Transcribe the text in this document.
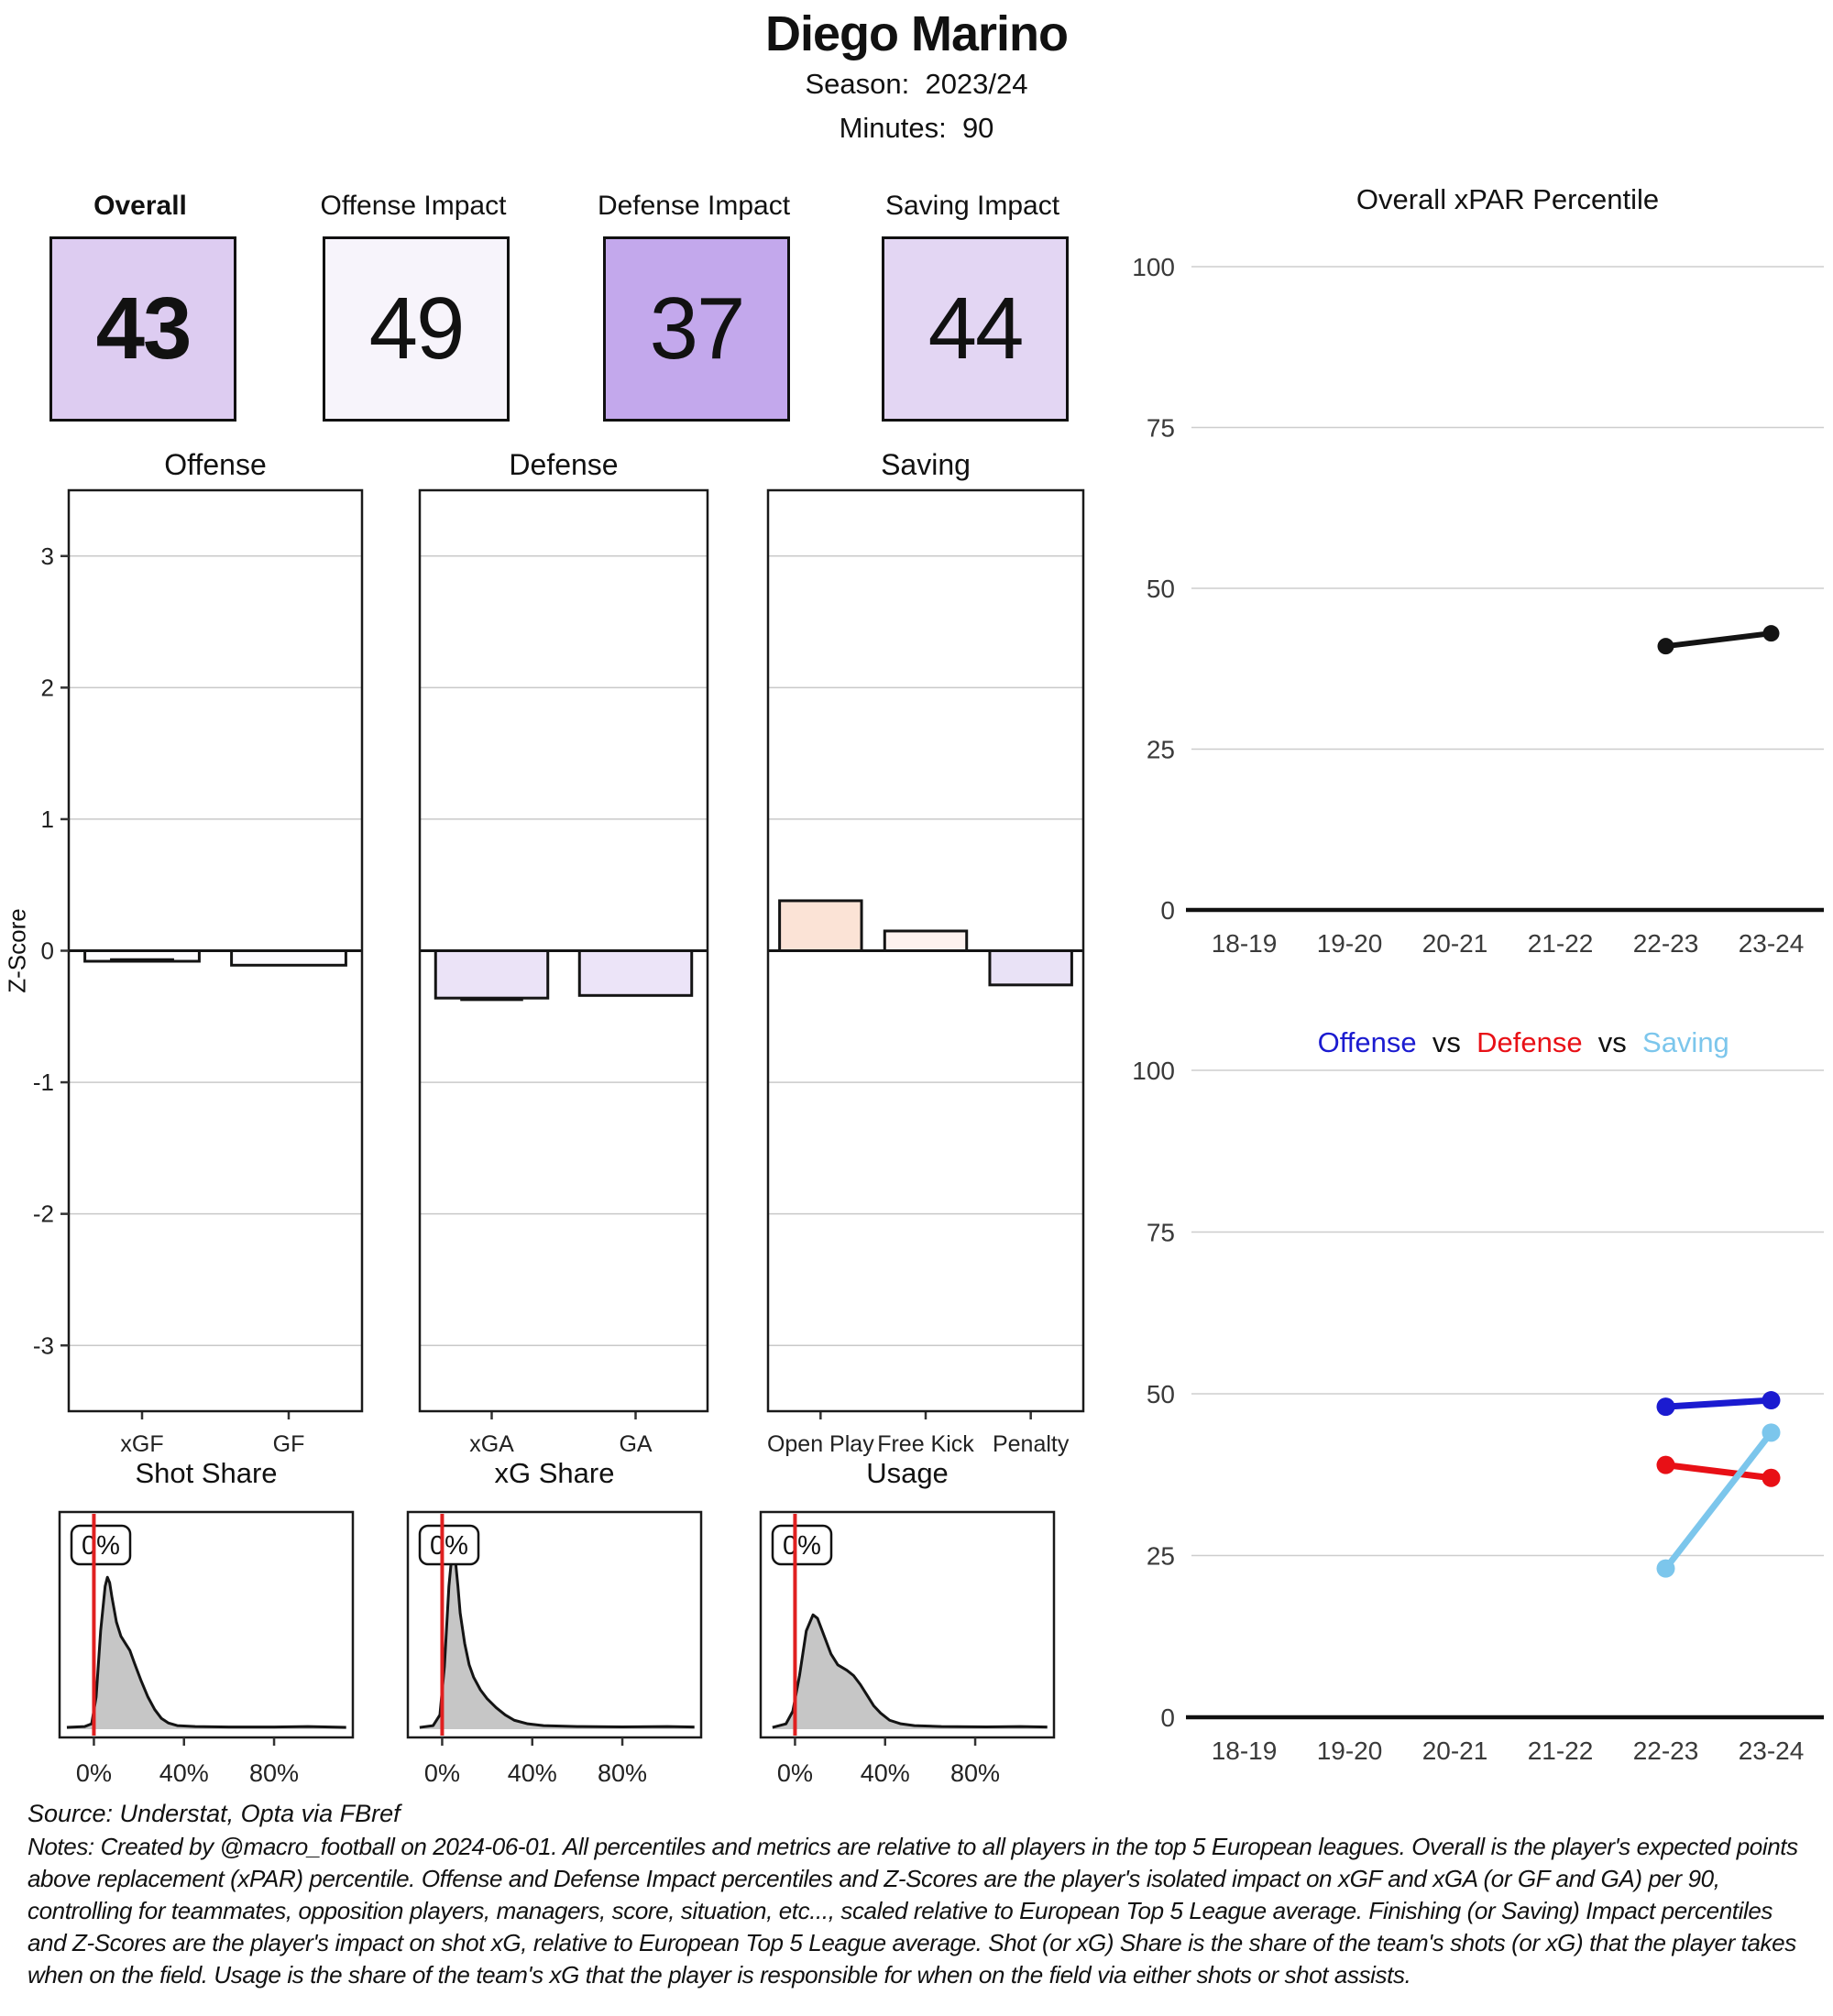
Diego Marino
Season:  2023/24
Minutes:  90
Overall	Offense Impact	Defense Impact	Saving Impact
43	49	37	44
Offense	Defense	Saving
Z-Score
xGF	GF
3
2
1
0
-1
-2
-3
xGA	GA	Open Play Free Kick Penalty
Overall xPAR Percentile
0
25
50
75
100
18-19 19-20 20-21 21-22 22-23 23-24

Offense  vs  Defense  vs  Saving

0
25
50
75
100
18-19 19-20 20-21 21-22 22-23 23-24
Shot Share	xG Share	Usage
0% 40% 80%
0%
0% 40% 80%
0%
0% 40% 80%
0%
Source: Understat, Opta via FBref
Notes: Created by @macro_football on 2024-06-01. All percentiles and metrics are relative to all players in the top 5 European leagues. Overall is the player's expected points above replacement (xPAR) percentile. Offense and Defense Impact percentiles and Z-Scores are the player's isolated impact on xGF and xGA (or GF and GA) per 90, controlling for teammates, opposition players, managers, score, situation, etc..., scaled relative to European Top 5 League average. Finishing (or Saving) Impact percentiles and Z-Scores are the player's impact on shot xG, relative to European Top 5 League average. Shot (or xG) Share is the share of the team's shots (or xG) that the player takes when on the field. Usage is the share of the team's xG that the player is responsible for when on the field via either shots or shot assists.
